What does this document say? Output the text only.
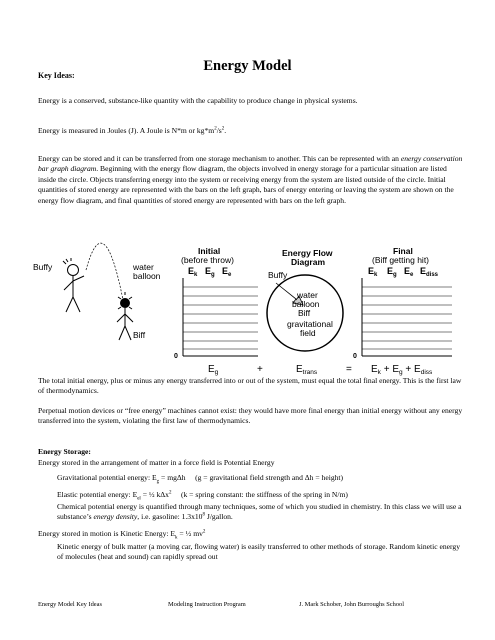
Energy Model
Key Ideas:
Energy is a conserved, substance-like quantity with the capability to produce change in physical systems.
Energy is measured in Joules (J). A Joule is N*m or $kg*m^2/s^2$.
Energy can be stored and it can be transferred from one storage mechanism to another. This can be represented with an energy conservation bar graph diagram. Beginning with the energy flow diagram, the objects involved in energy storage for a particular situation are listed inside the circle. Objects transferring energy into the system or receiving energy from the system are listed outside of the circle. Initial quantities of stored energy are represented with the bars on the left graph, bars of energy entering or leaving the system are shown on the energy flow diagram, and final quantities of stored energy are represented with bars on the left graph.
Buffy	water
balloon
Biff
Initial
(before throw)
$E_k$ $E_g$ $E_e$
0
Energy Flow
Diagram
Buffy
water
balloon
Biff
gravitational
field
Final
(Biff getting hit)
$E_k$ $E_g$ $E_e$ $E_{diss}$
0
$E_g$	+	$E_{trans}$	= $E_k + E_g + E_{diss}$
The total initial energy, plus or minus any energy transferred into or out of the system, must equal the total final energy. This is the first law of thermodynamics.
Perpetual motion devices or “free energy” machines cannot exist: they would have more final energy than initial energy without any energy transferred into the system, violating the first law of thermodynamics.
Energy Storage:
Energy stored in the arrangement of matter in a force field is Potential Energy
Gravitational potential energy: $E_g = mg\Delta h$     (g = gravitational field strength and Δh = height)
Elastic potential energy: $E_{el}$ = ½ kΔx$^2$     (k = spring constant: the stiffness of the spring in N/m)
Chemical potential energy is quantified through many techniques, some of which you studied in chemistry. In this class we will use a substance’s energy density, i.e. gasoline: $1.3x10^8$ J/gallon.
Energy stored in motion is Kinetic Energy: $E_k$ = ½ $mv^2$
Kinetic energy of bulk matter (a moving car, flowing water) is easily transferred to other methods of storage. Random kinetic energy of molecules (heat and sound) can rapidly spread out
Energy Model Key Ideas	Modeling Instruction Program	J. Mark Schober, John Burroughs School
